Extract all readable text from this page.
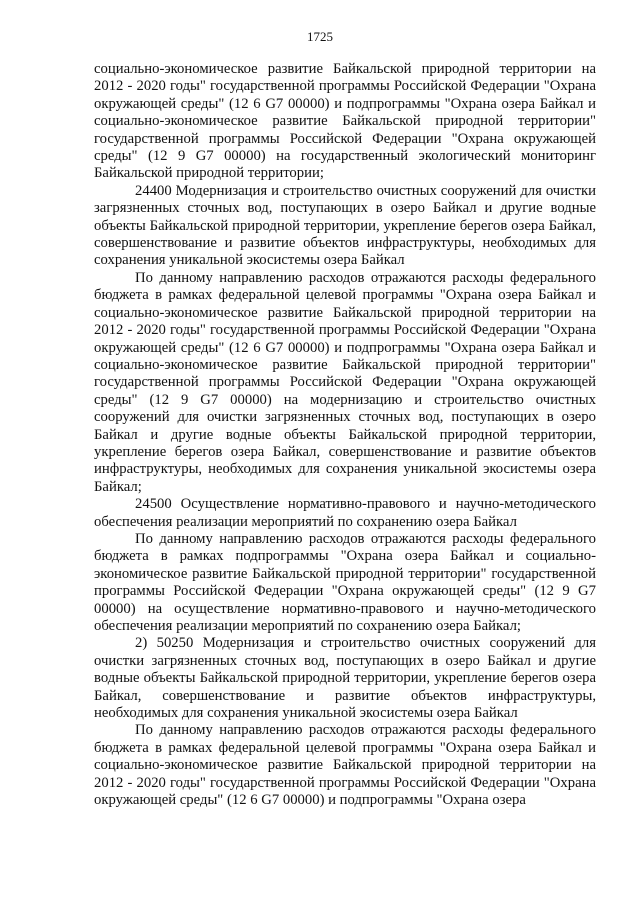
1725

социально-экономическое развитие Байкальской природной территории на 2012 - 2020 годы" государственной программы Российской Федерации "Охрана окружающей среды" (12 6 G7 00000) и подпрограммы "Охрана озера Байкал и социально-экономическое развитие Байкальской природной территории" государственной программы Российской Федерации "Охрана окружающей среды" (12 9 G7 00000) на государственный экологический мониторинг Байкальской природной территории;

24400 Модернизация и строительство очистных сооружений для очистки загрязненных сточных вод, поступающих в озеро Байкал и другие водные объекты Байкальской природной территории, укрепление берегов озера Байкал, совершенствование и развитие объектов инфраструктуры, необходимых для сохранения уникальной экосистемы озера Байкал

По данному направлению расходов отражаются расходы федерального бюджета в рамках федеральной целевой программы "Охрана озера Байкал и социально-экономическое развитие Байкальской природной территории на 2012 - 2020 годы" государственной программы Российской Федерации "Охрана окружающей среды" (12 6 G7 00000) и подпрограммы "Охрана озера Байкал и социально-экономическое развитие Байкальской природной территории" государственной программы Российской Федерации "Охрана окружающей среды" (12 9 G7 00000) на модернизацию и строительство очистных сооружений для очистки загрязненных сточных вод, поступающих в озеро Байкал и другие водные объекты Байкальской природной территории, укрепление берегов озера Байкал, совершенствование и развитие объектов инфраструктуры, необходимых для сохранения уникальной экосистемы озера Байкал;

24500 Осуществление нормативно-правового и научно-методического обеспечения реализации мероприятий по сохранению озера Байкал

По данному направлению расходов отражаются расходы федерального бюджета в рамках подпрограммы "Охрана озера Байкал и социально-экономическое развитие Байкальской природной территории" государственной программы Российской Федерации "Охрана окружающей среды" (12 9 G7 00000) на осуществление нормативно-правового и научно-методического обеспечения реализации мероприятий по сохранению озера Байкал;

2) 50250 Модернизация и строительство очистных сооружений для очистки загрязненных сточных вод, поступающих в озеро Байкал и другие водные объекты Байкальской природной территории, укрепление берегов озера Байкал, совершенствование и развитие объектов инфраструктуры, необходимых для сохранения уникальной экосистемы озера Байкал

По данному направлению расходов отражаются расходы федерального бюджета в рамках федеральной целевой программы "Охрана озера Байкал и социально-экономическое развитие Байкальской природной территории на 2012 - 2020 годы" государственной программы Российской Федерации "Охрана окружающей среды" (12 6 G7 00000) и подпрограммы "Охрана озера
